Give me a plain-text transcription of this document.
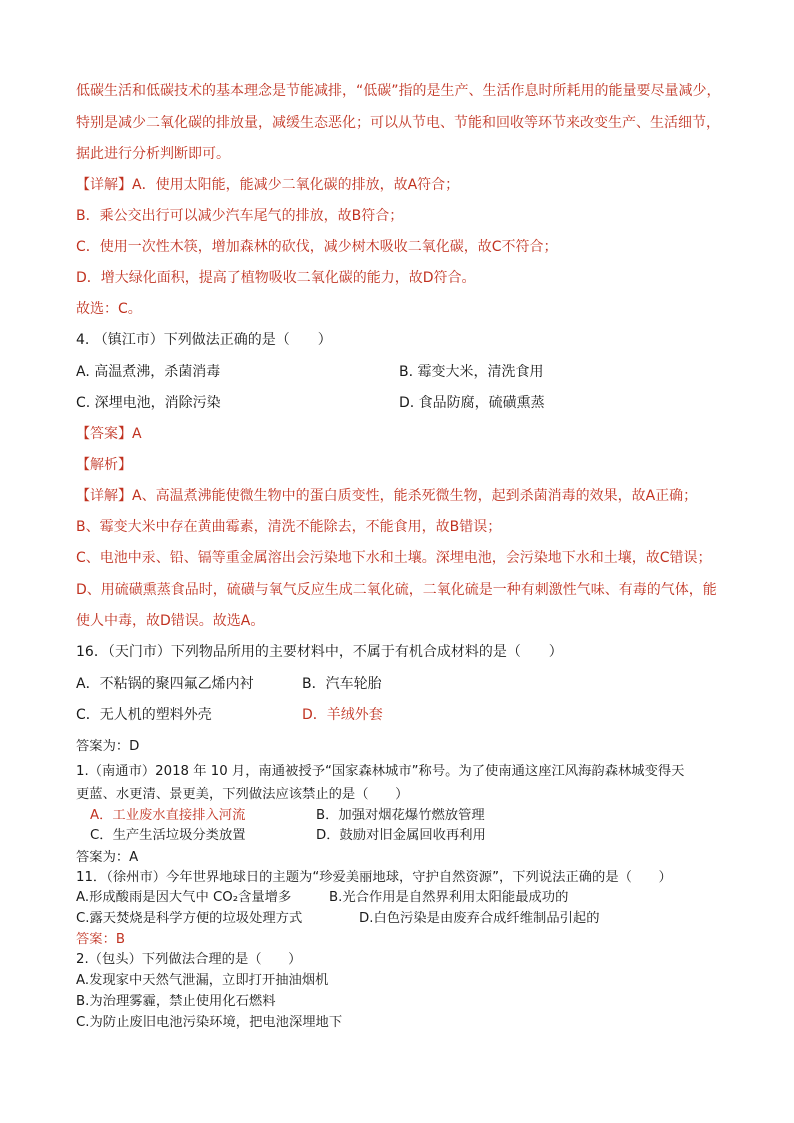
低碳生活和低碳技术的基本理念是节能减排，“低碳”指的是生产、生活作息时所耗用的能量要尽量减少，
特别是减少二氧化碳的排放量，减缓生态恶化；可以从节电、节能和回收等环节来改变生产、生活细节，
据此进行分析判断即可。
【详解】A．使用太阳能，能减少二氧化碳的排放，故A符合；
B．乘公交出行可以减少汽车尾气的排放，故B符合；
C．使用一次性木筷，增加森林的砍伐，减少树木吸收二氧化碳，故C不符合；
D．增大绿化面积，提高了植物吸收二氧化碳的能力，故D符合。
故选：C。
4. （镇江市）下列做法正确的是（　　）
A. 高温煮沸，杀菌消毒	B. 霉变大米，清洗食用
C. 深埋电池，消除污染	D. 食品防腐，硫磺熏蒸
【答案】A
【解析】
【详解】A、高温煮沸能使微生物中的蛋白质变性，能杀死微生物，起到杀菌消毒的效果，故A正确；
B、霉变大米中存在黄曲霉素，清洗不能除去，不能食用，故B错误；
C、电池中汞、铅、镉等重金属溶出会污染地下水和土壤。深埋电池，会污染地下水和土壤，故C错误；
D、用硫磺熏蒸食品时，硫磺与氧气反应生成二氧化硫，二氧化硫是一种有刺激性气味、有毒的气体，能
使人中毒，故D错误。故选A。
16．（天门市）下列物品所用的主要材料中，不属于有机合成材料的是（　　）
A．不粘锅的聚四氟乙烯内衬	B．汽车轮胎
C．无人机的塑料外壳	D．羊绒外套
答案为：D
1.（南通市）2018 年 10 月，南通被授予“国家森林城市”称号。为了使南通这座江风海韵森林城变得天
更蓝、水更清、景更美，下列做法应该禁止的是（　　）
A．工业废水直接排入河流	B．加强对烟花爆竹燃放管理
C．生产生活垃圾分类放置	D．鼓励对旧金属回收再利用
答案为：A
11．（徐州市）今年世界地球日的主题为“珍爱美丽地球，守护自然资源”，下列说法正确的是（　　）
A.形成酸雨是因大气中 CO₂含量增多	B.光合作用是自然界利用太阳能最成功的
C.露天焚烧是科学方便的垃圾处理方式	D.白色污染是由废弃合成纤维制品引起的
答案：B
2.（包头）下列做法合理的是（　　）
A.发现家中天然气泄漏，立即打开抽油烟机
B.为治理雾霾，禁止使用化石燃料
C.为防止废旧电池污染环境，把电池深埋地下
